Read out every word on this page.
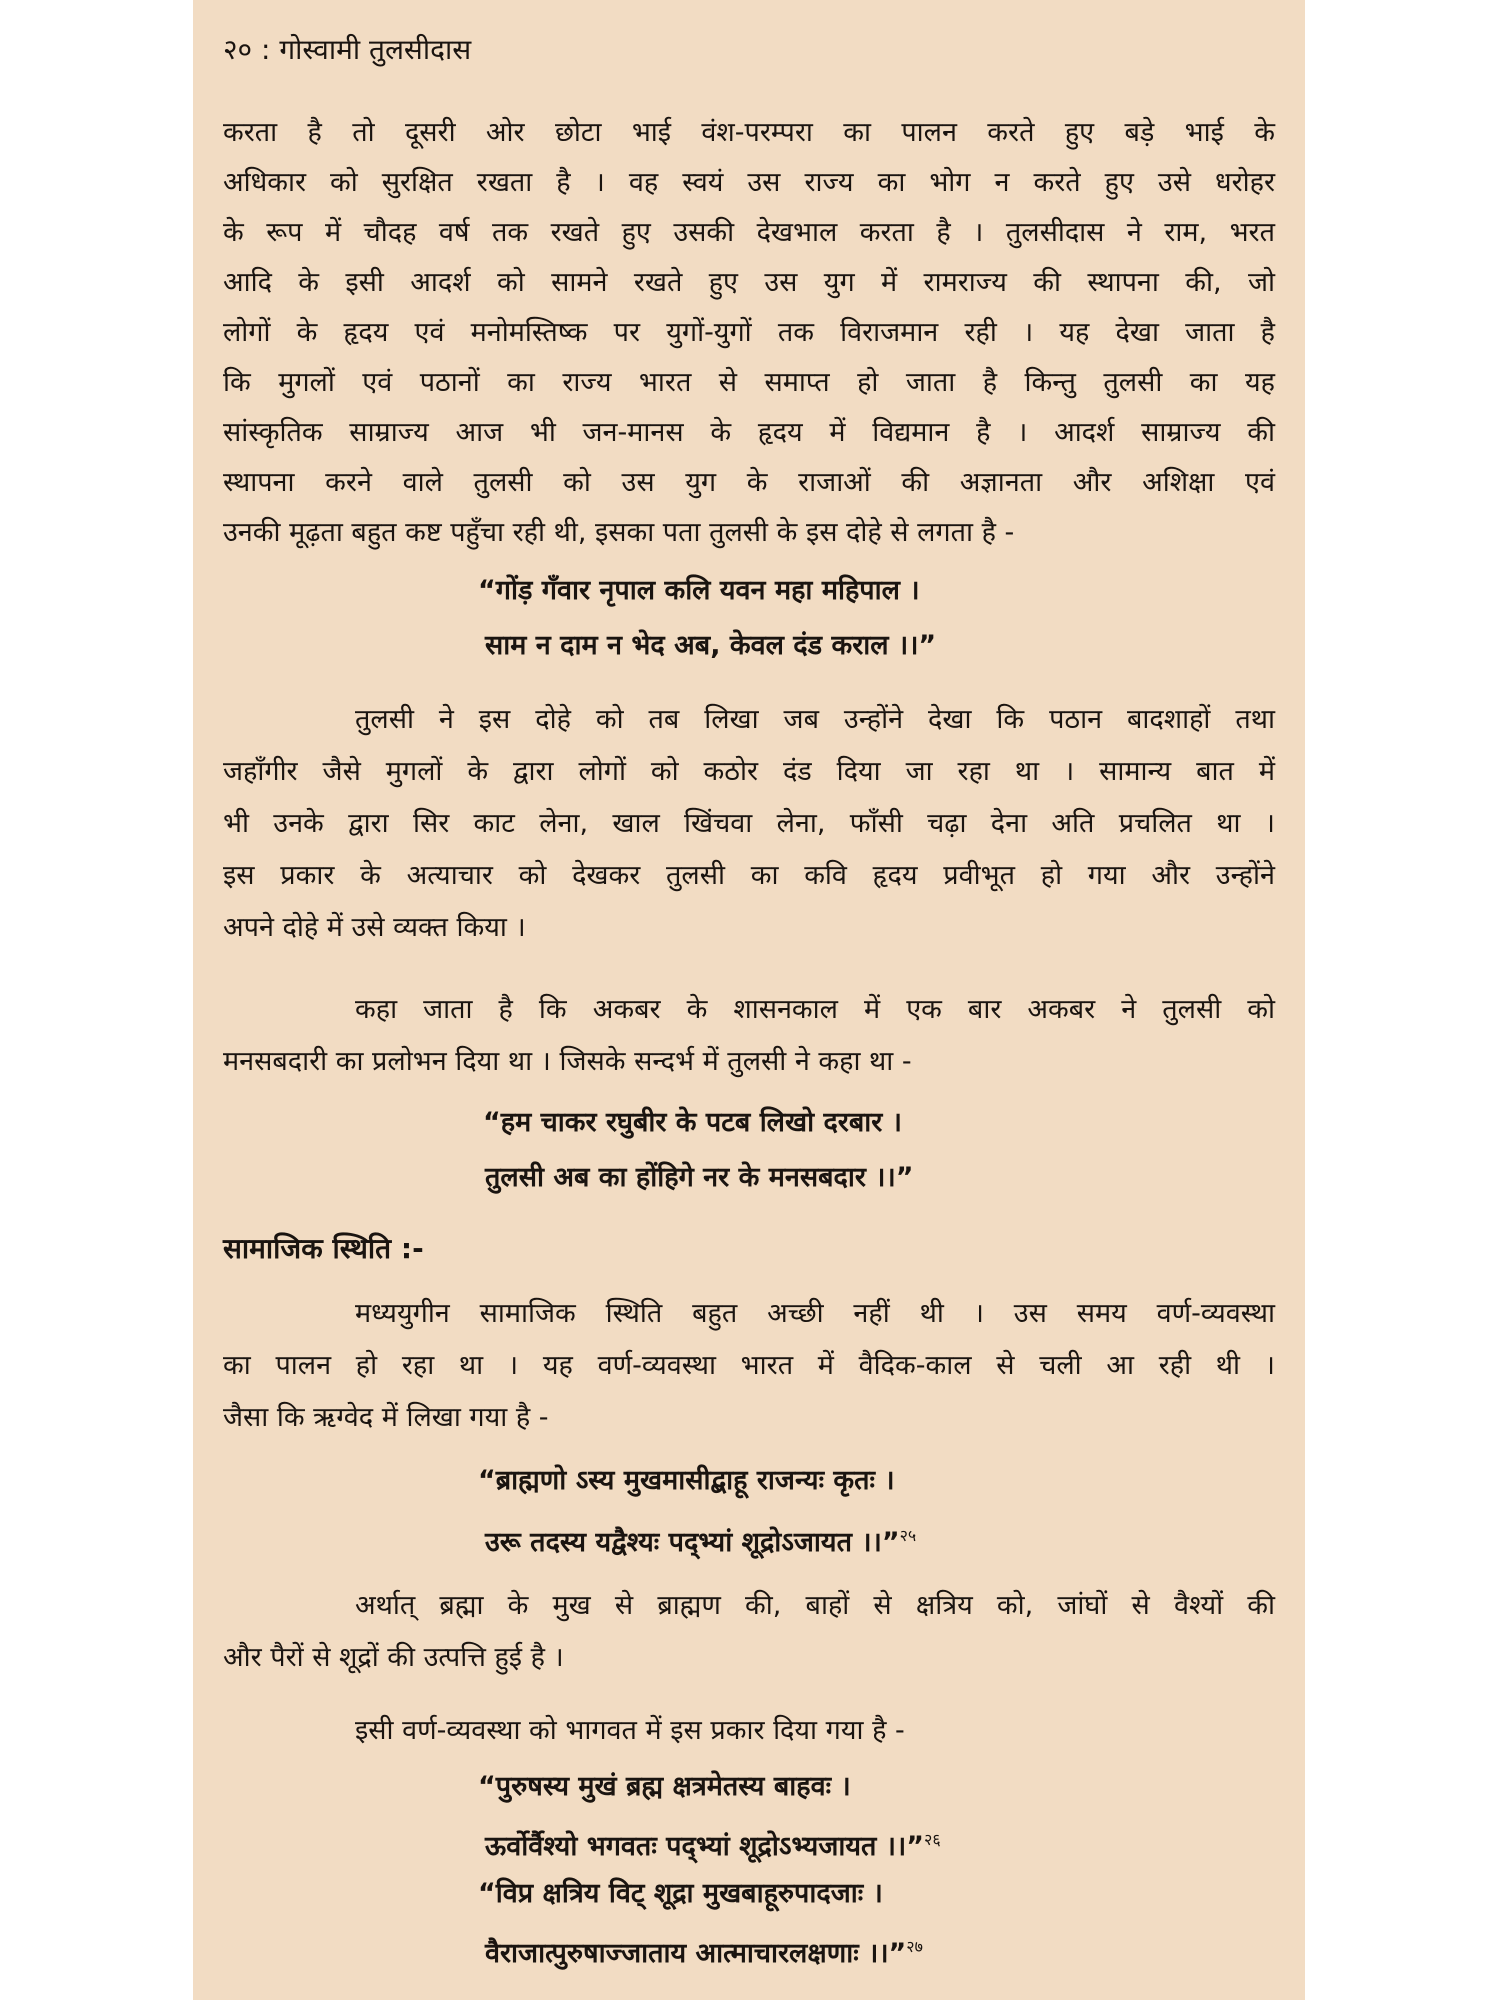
२० : गोस्वामी तुलसीदास
करता है तो दूसरी ओर छोटा भाई वंश-परम्परा का पालन करते हुए बड़े भाई के
अधिकार को सुरक्षित रखता है । वह स्वयं उस राज्य का भोग न करते हुए उसे धरोहर
के रूप में चौदह वर्ष तक रखते हुए उसकी देखभाल करता है । तुलसीदास ने राम, भरत
आदि के इसी आदर्श को सामने रखते हुए उस युग में रामराज्य की स्थापना की, जो
लोगों के हृदय एवं मनोमस्तिष्क पर युगों-युगों तक विराजमान रही । यह देखा जाता है
कि मुगलों एवं पठानों का राज्य भारत से समाप्त हो जाता है किन्तु तुलसी का यह
सांस्कृतिक साम्राज्य आज भी जन-मानस के हृदय में विद्यमान है । आदर्श साम्राज्य की
स्थापना करने वाले तुलसी को उस युग के राजाओं की अज्ञानता और अशिक्षा एवं
उनकी मूढ़ता बहुत कष्ट पहुँचा रही थी, इसका पता तुलसी के इस दोहे से लगता है -
“गोंड़ गँवार नृपाल कलि यवन महा महिपाल ।
साम न दाम न भेद अब, केवल दंड कराल ।।”
तुलसी ने इस दोहे को तब लिखा जब उन्होंने देखा कि पठान बादशाहों तथा
जहाँगीर जैसे मुगलों के द्वारा लोगों को कठोर दंड दिया जा रहा था । सामान्य बात में
भी उनके द्वारा सिर काट लेना, खाल खिंचवा लेना, फाँसी चढ़ा देना अति प्रचलित था ।
इस प्रकार के अत्याचार को देखकर तुलसी का कवि हृदय प्रवीभूत हो गया और उन्होंने
अपने दोहे में उसे व्यक्त किया ।
कहा जाता है कि अकबर के शासनकाल में एक बार अकबर ने तुलसी को
मनसबदारी का प्रलोभन दिया था । जिसके सन्दर्भ में तुलसी ने कहा था -
“हम चाकर रघुबीर के पटब लिखो दरबार ।
तुलसी अब का होंहिगे नर के मनसबदार ।।”
सामाजिक स्थिति :-
मध्ययुगीन सामाजिक स्थिति बहुत अच्छी नहीं थी । उस समय वर्ण-व्यवस्था
का पालन हो रहा था । यह वर्ण-व्यवस्था भारत में वैदिक-काल से चली आ रही थी ।
जैसा कि ऋग्वेद में लिखा गया है -
“ब्राह्मणो ऽस्य मुखमासीद्बाहू राजन्यः कृतः ।
उरू तदस्य यद्वैश्यः पद्भ्यां शूद्रोऽजायत ।।”$^{२५}$
अर्थात् ब्रह्मा के मुख से ब्राह्मण की, बाहों से क्षत्रिय को, जांघों से वैश्यों की
और पैरों से शूद्रों की उत्पत्ति हुई है ।
इसी वर्ण-व्यवस्था को भागवत में इस प्रकार दिया गया है -
“पुरुषस्य मुखं ब्रह्म क्षत्रमेतस्य बाहवः ।
ऊर्वोर्वैश्यो भगवतः पद्भ्यां शूद्रोऽभ्यजायत ।।”$^{२६}$
“विप्र क्षत्रिय विट् शूद्रा मुखबाहूरुपादजाः ।
वैराजात्पुरुषाज्जाताय आत्माचारलक्षणाः ।।”$^{२७}$
